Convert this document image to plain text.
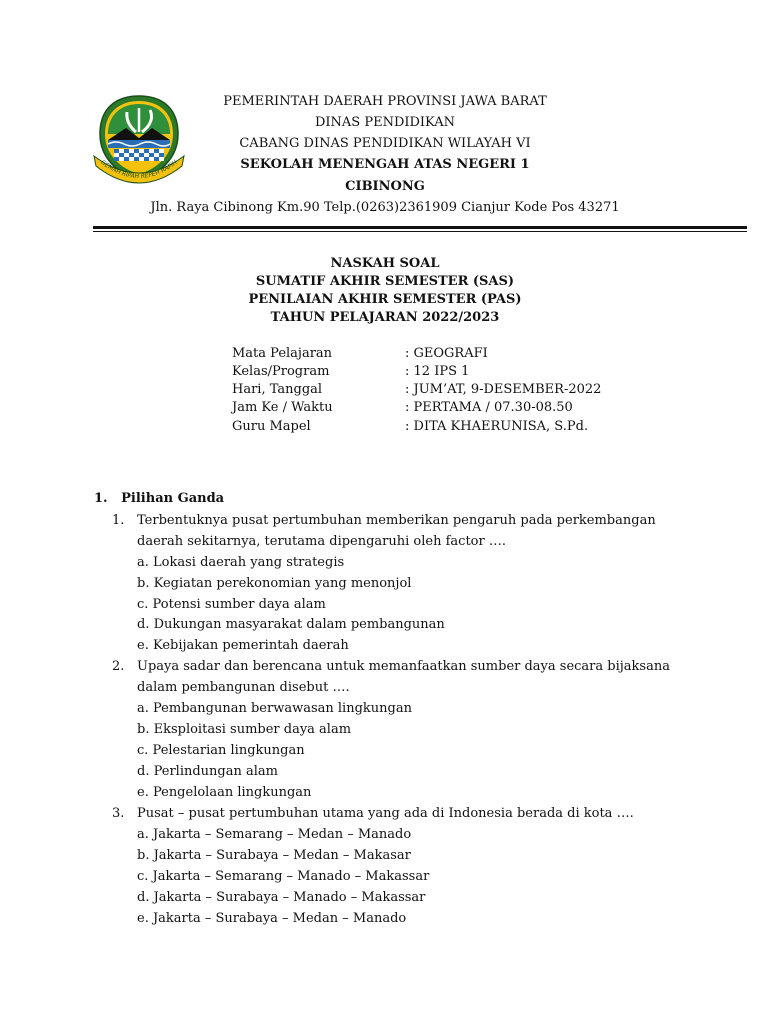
GEMAH RIPAH REPEH RAPIH
PEMERINTAH DAERAH PROVINSI JAWA BARAT
DINAS PENDIDIKAN
CABANG DINAS PENDIDIKAN WILAYAH VI
SEKOLAH MENENGAH ATAS NEGERI 1
CIBINONG
Jln. Raya Cibinong Km.90 Telp.(0263)2361909 Cianjur Kode Pos 43271
NASKAH SOAL
SUMATIF AKHIR SEMESTER (SAS)
PENILAIAN AKHIR SEMESTER (PAS)
TAHUN PELAJARAN 2022/2023
Mata Pelajaran	: GEOGRAFI
Kelas/Program	: 12 IPS 1
Hari, Tanggal	: JUM’AT, 9-DESEMBER-2022
Jam Ke / Waktu	: PERTAMA / 07.30-08.50
Guru Mapel	: DITA KHAERUNISA, S.Pd.
1. Pilihan Ganda
1. Terbentuknya pusat pertumbuhan memberikan pengaruh pada perkembangan
daerah sekitarnya, terutama dipengaruhi oleh factor ….
a. Lokasi daerah yang strategis
b. Kegiatan perekonomian yang menonjol
c. Potensi sumber daya alam
d. Dukungan masyarakat dalam pembangunan
e. Kebijakan pemerintah daerah
2. Upaya sadar dan berencana untuk memanfaatkan sumber daya secara bijaksana
dalam pembangunan disebut ….
a. Pembangunan berwawasan lingkungan
b. Eksploitasi sumber daya alam
c. Pelestarian lingkungan
d. Perlindungan alam
e. Pengelolaan lingkungan
3. Pusat – pusat pertumbuhan utama yang ada di Indonesia berada di kota ….
a. Jakarta – Semarang – Medan – Manado
b. Jakarta – Surabaya – Medan – Makasar
c. Jakarta – Semarang – Manado – Makassar
d. Jakarta – Surabaya – Manado – Makassar
e. Jakarta – Surabaya – Medan – Manado
